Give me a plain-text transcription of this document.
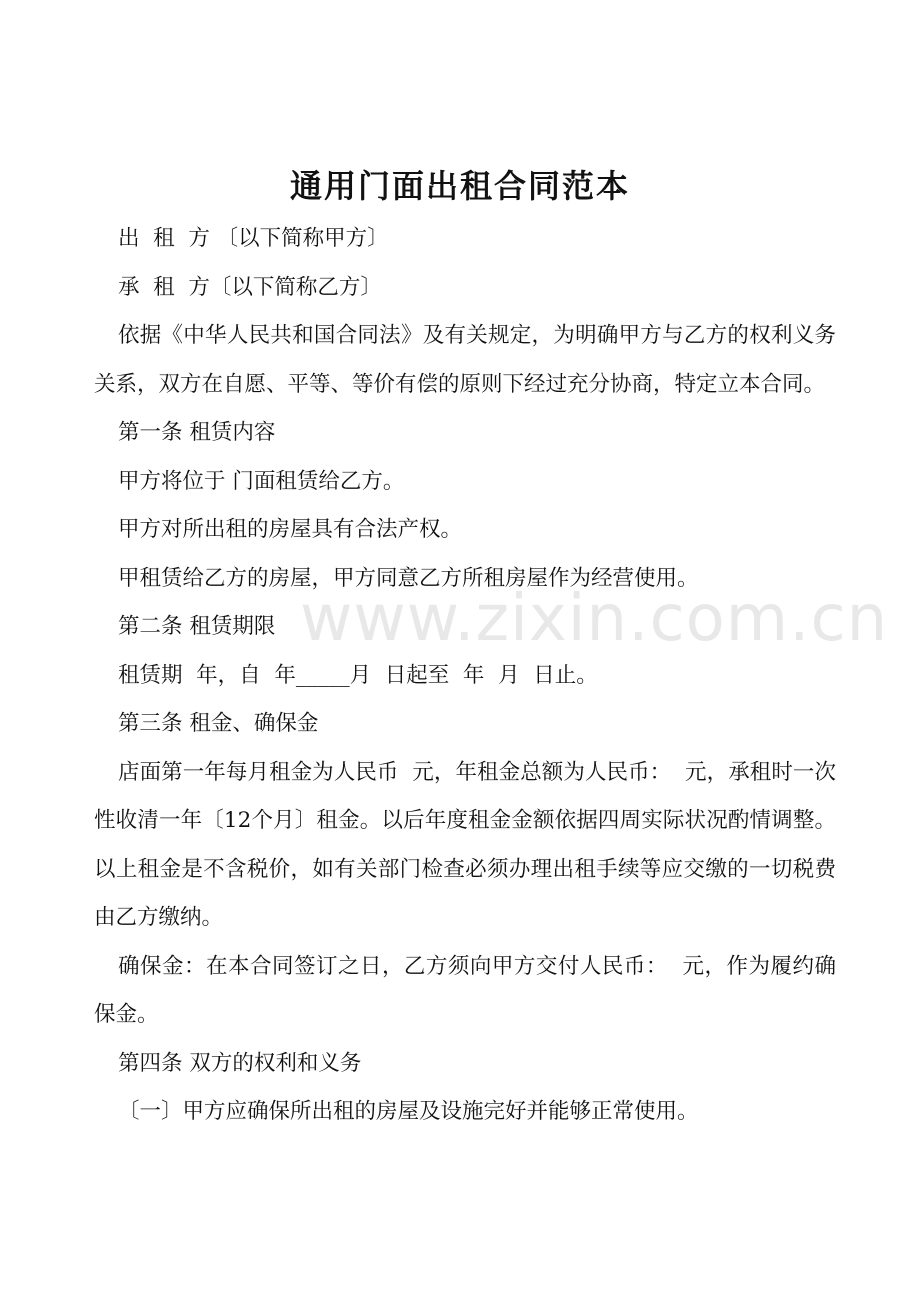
www.zixin.com.cn
通用门面出租合同范本

出  租  方 〔以下简称甲方〕

承  租  方〔以下简称乙方〕

依据《中华人民共和国合同法》及有关规定，为明确甲方与乙方的权利义务关系，双方在自愿、平等、等价有偿的原则下经过充分协商，特定立本合同。

第一条 租赁内容

甲方将位于 门面租赁给乙方。

甲方对所出租的房屋具有合法产权。

甲租赁给乙方的房屋，甲方同意乙方所租房屋作为经营使用。

第二条 租赁期限

租赁期  年，自  年_____月  日起至  年  月  日止。

第三条 租金、确保金

店面第一年每月租金为人民币  元，年租金总额为人民币：  元，承租时一次性收清一年〔12个月〕租金。以后年度租金金额依据四周实际状况酌情调整。以上租金是不含税价，如有关部门检查必须办理出租手续等应交缴的一切税费由乙方缴纳。

确保金：在本合同签订之日，乙方须向甲方交付人民币：  元，作为履约确保金。

第四条 双方的权利和义务

〔一〕甲方应确保所出租的房屋及设施完好并能够正常使用。
